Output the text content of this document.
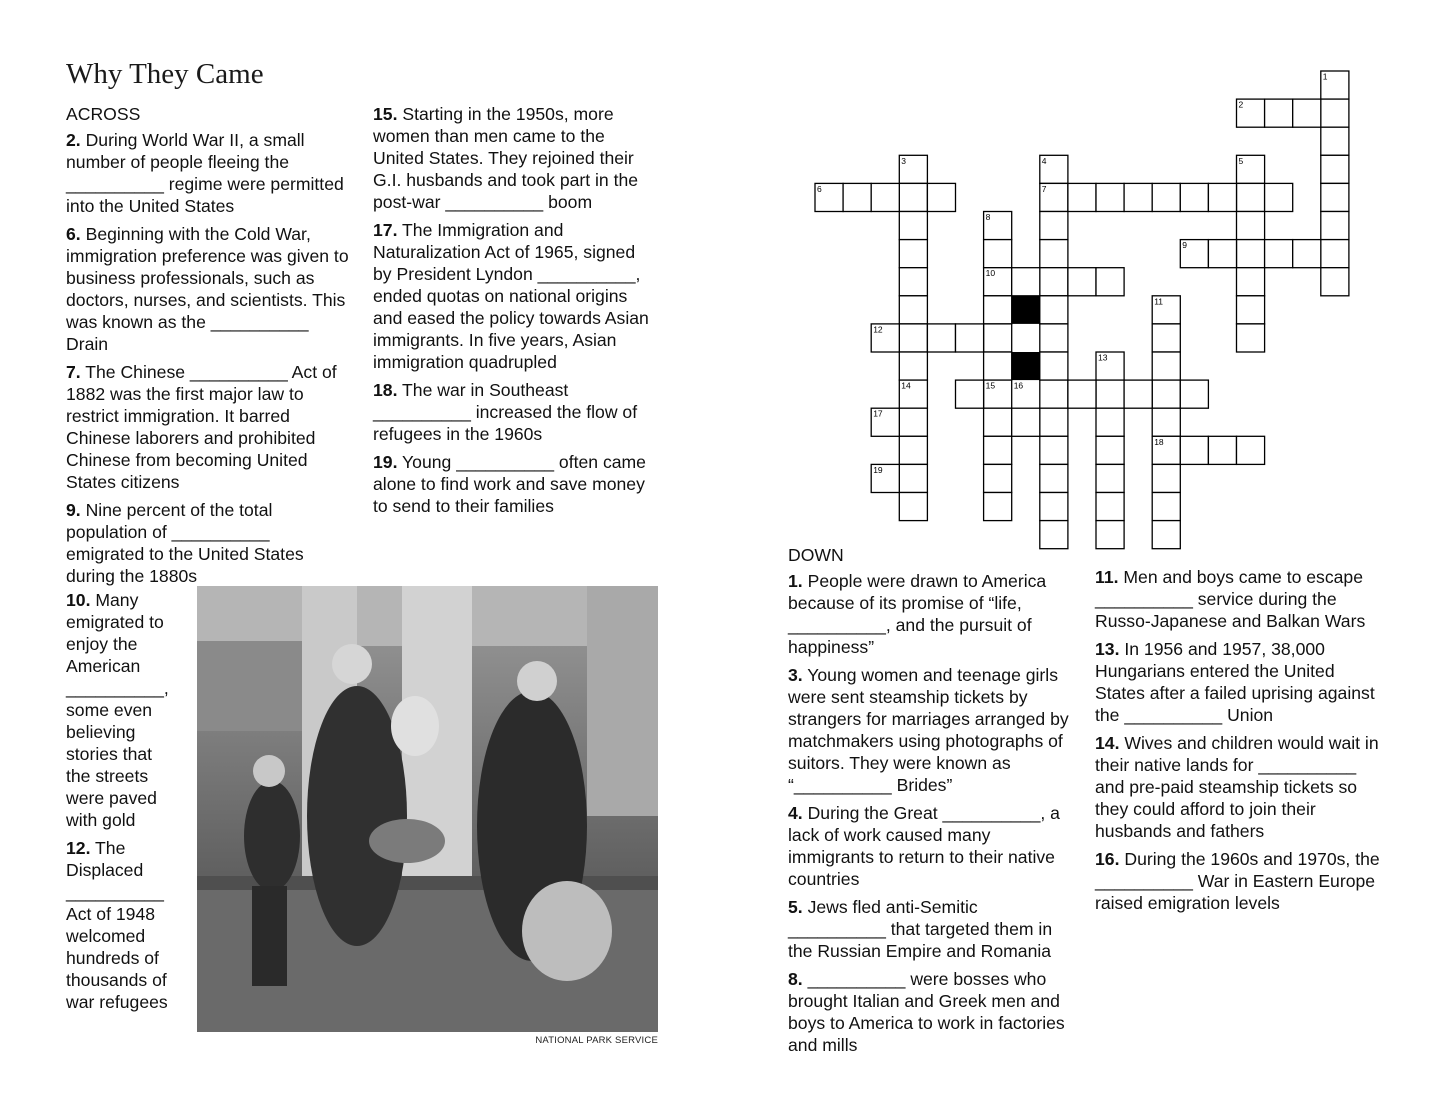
Why They Came

ACROSS

2. During World War II, a small number of people fleeing the __________ regime were permitted into the United States

6. Beginning with the Cold War, immigration preference was given to business professionals, such as doctors, nurses, and scientists. This was known as the __________ Drain

7. The Chinese __________ Act of 1882 was the first major law to restrict immigration. It barred Chinese laborers and prohibited Chinese from becoming United States citizens

9. Nine percent of the total population of __________ emigrated to the United States during the 1880s

10. Many emigrated to enjoy the American __________, some even believing stories that the streets were paved with gold

12. The Displaced __________ Act of 1948 welcomed hundreds of thousands of war refugees

15. Starting in the 1950s, more women than men came to the United States. They rejoined their G.I. husbands and took part in the post-war __________ boom

17. The Immigration and Naturalization Act of 1965, signed by President Lyndon __________, ended quotas on national origins and eased the policy towards Asian immigrants. In five years, Asian immigration quadrupled

18. The war in Southeast __________ increased the flow of refugees in the 1960s

19. Young __________ often came alone to find work and save money to send to their families

NATIONAL PARK SERVICE
1
2
3	4	5
6	7
8
9
10
11
12
13
14	15 16
17
18
19

DOWN

1. People were drawn to America because of its promise of “life, __________, and the pursuit of happiness”

3. Young women and teenage girls were sent steamship tickets by strangers for marriages arranged by matchmakers using photographs of suitors. They were known as “__________ Brides”

4. During the Great __________, a lack of work caused many immigrants to return to their native countries

5. Jews fled anti-Semitic __________ that targeted them in the Russian Empire and Romania

8. __________ were bosses who brought Italian and Greek men and boys to America to work in factories and mills

11. Men and boys came to escape __________ service during the Russo-Japanese and Balkan Wars

13. In 1956 and 1957, 38,000 Hungarians entered the United States after a failed uprising against the __________ Union

14. Wives and children would wait in their native lands for __________ and pre-paid steamship tickets so they could afford to join their husbands and fathers

16. During the 1960s and 1970s, the __________ War in Eastern Europe raised emigration levels
